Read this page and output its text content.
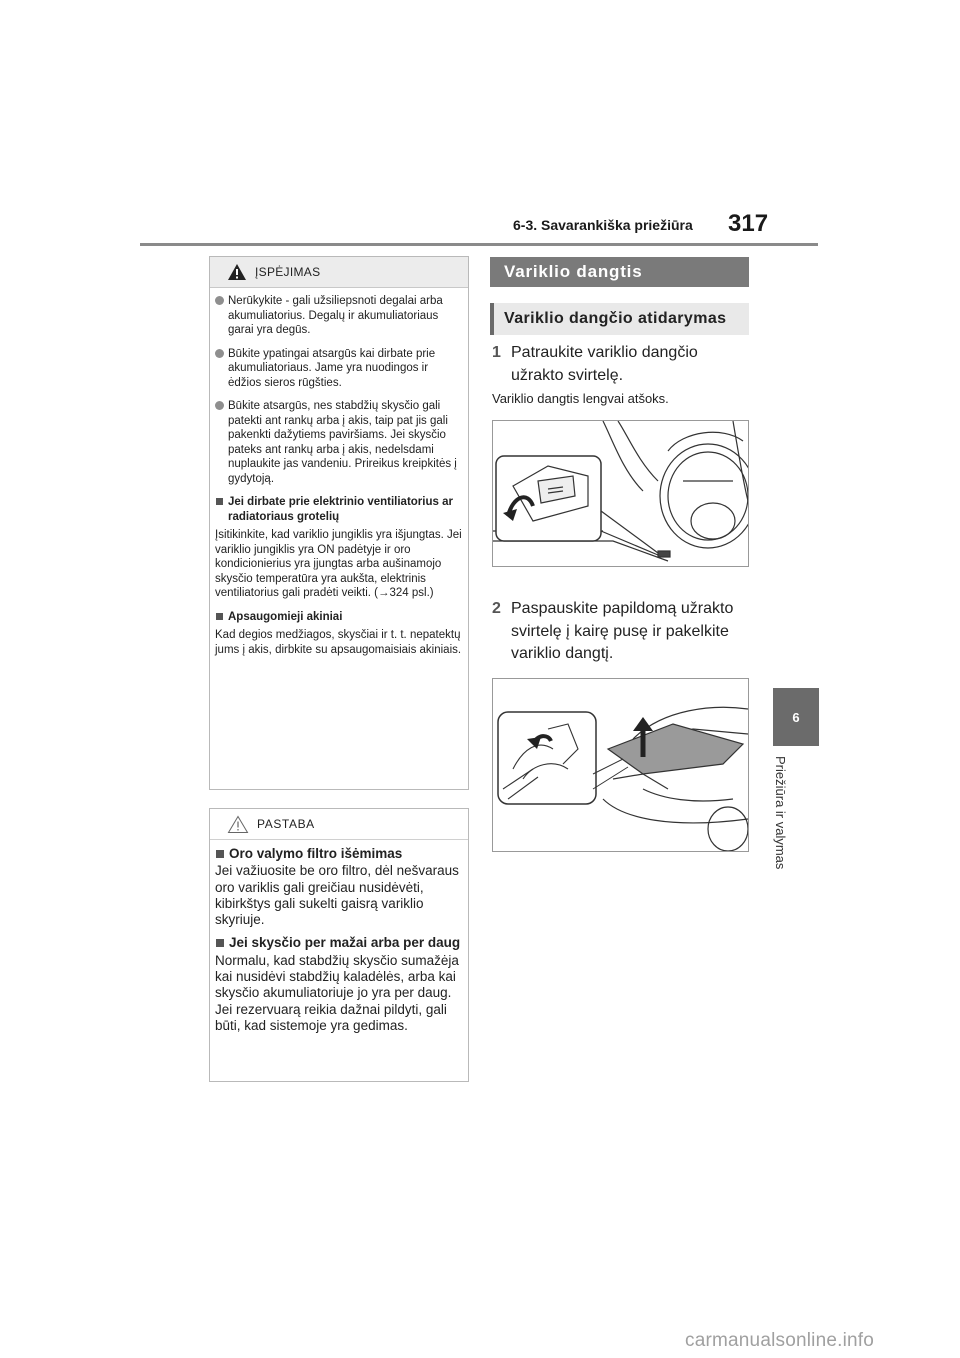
6-3. Savarankiška priežiūra 317
6
Priežiūra ir valymas
ĮSPĖJIMAS
Nerūkykite - gali užsiliepsnoti degalai arba akumuliatorius. Degalų ir akumuliatoriaus garai yra degūs.
Būkite ypatingai atsargūs kai dirbate prie akumuliatoriaus. Jame yra nuodingos ir ėdžios sieros rūgšties.
Būkite atsargūs, nes stabdžių skysčio gali patekti ant rankų arba į akis, taip pat jis gali pakenkti dažytiems paviršiams. Jei skysčio pateks ant rankų arba į akis, nedelsdami nuplaukite jas vandeniu. Prireikus kreipkitės į gydytoją.
Jei dirbate prie elektrinio ventiliatorius ar radiatoriaus grotelių
Įsitikinkite, kad variklio jungiklis yra išjungtas. Jei variklio jungiklis yra ON padėtyje ir oro kondicionierius yra įjungtas arba aušinamojo skysčio temperatūra yra aukšta, elektrinis ventiliatorius gali pradėti veikti. (→324 psl.)
Apsaugomieji akiniai
Kad degios medžiagos, skysčiai ir t. t. nepatektų jums į akis, dirbkite su apsaugomaisiais akiniais.
PASTABA
Oro valymo filtro išėmimas
Jei važiuosite be oro filtro, dėl nešvaraus oro variklis gali greičiau nusidėvėti, kibirkštys gali sukelti gaisrą variklio skyriuje.
Jei skysčio per mažai arba per daug
Normalu, kad stabdžių skysčio sumažėja kai nusidėvi stabdžių kaladėlės, arba kai skysčio akumuliatoriuje jo yra per daug. Jei rezervuarą reikia dažnai pildyti, gali būti, kad sistemoje yra gedimas.
Variklio dangtis
Variklio dangčio atidarymas
1 Patraukite variklio dangčio užrakto svirtelę.
Variklio dangtis lengvai atšoks.
2 Paspauskite papildomą užrakto svirtelę į kairę pusę ir pakelkite variklio dangtį.
carmanualsonline.info
